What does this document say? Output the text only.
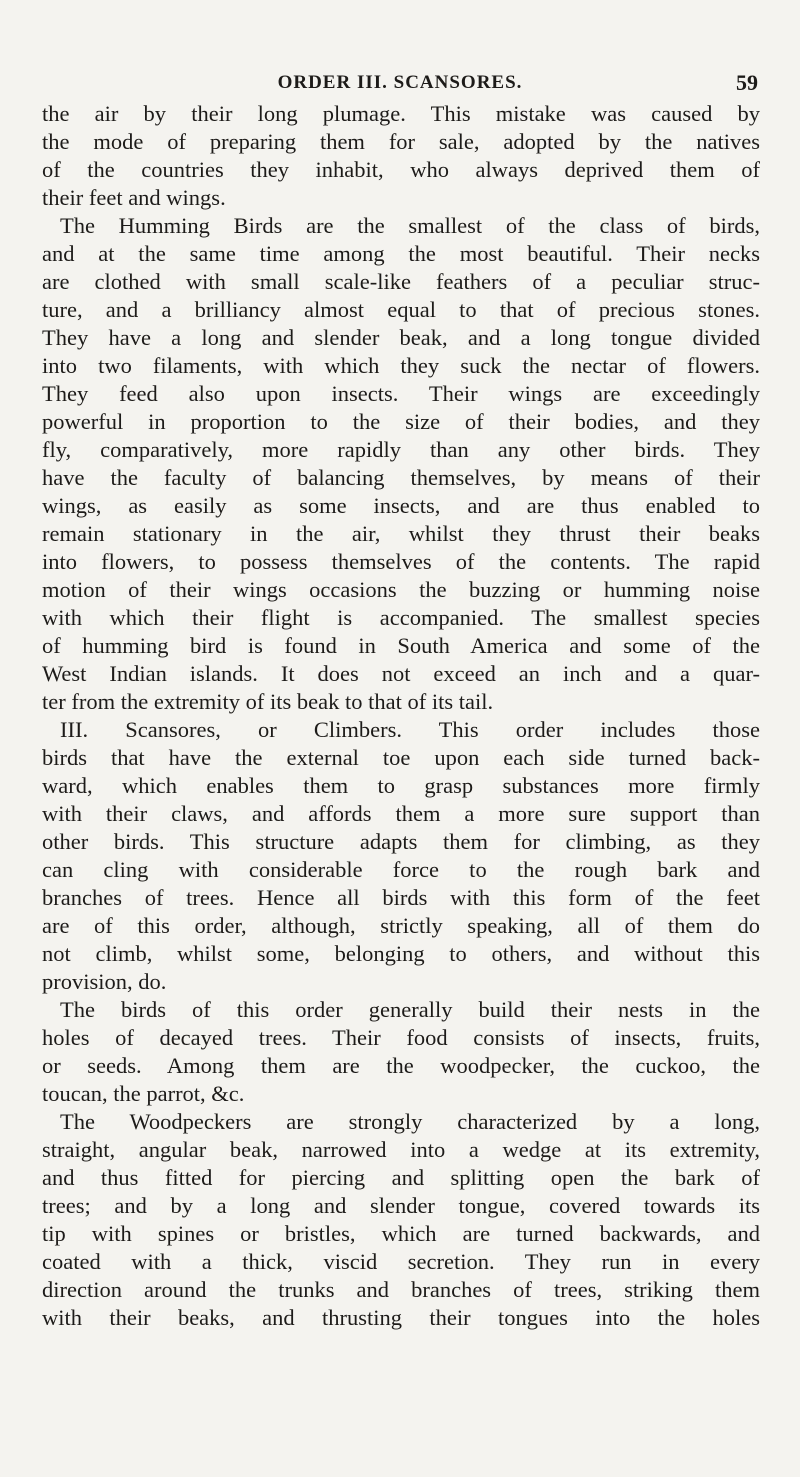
ORDER III. SCANSORES.	59
the air by their long plumage. This mistake was caused by
the mode of preparing them for sale, adopted by the natives
of the countries they inhabit, who always deprived them of
their feet and wings.
The Humming Birds are the smallest of the class of birds,
and at the same time among the most beautiful. Their necks
are clothed with small scale-like feathers of a peculiar struc-
ture, and a brilliancy almost equal to that of precious stones.
They have a long and slender beak, and a long tongue divided
into two filaments, with which they suck the nectar of flowers.
They feed also upon insects. Their wings are exceedingly
powerful in proportion to the size of their bodies, and they
fly, comparatively, more rapidly than any other birds. They
have the faculty of balancing themselves, by means of their
wings, as easily as some insects, and are thus enabled to
remain stationary in the air, whilst they thrust their beaks
into flowers, to possess themselves of the contents. The rapid
motion of their wings occasions the buzzing or humming noise
with which their flight is accompanied. The smallest species
of humming bird is found in South America and some of the
West Indian islands. It does not exceed an inch and a quar-
ter from the extremity of its beak to that of its tail.
III. Scansores, or Climbers. This order includes those
birds that have the external toe upon each side turned back-
ward, which enables them to grasp substances more firmly
with their claws, and affords them a more sure support than
other birds. This structure adapts them for climbing, as they
can cling with considerable force to the rough bark and
branches of trees. Hence all birds with this form of the feet
are of this order, although, strictly speaking, all of them do
not climb, whilst some, belonging to others, and without this
provision, do.
The birds of this order generally build their nests in the
holes of decayed trees. Their food consists of insects, fruits,
or seeds. Among them are the woodpecker, the cuckoo, the
toucan, the parrot, &c.
The Woodpeckers are strongly characterized by a long,
straight, angular beak, narrowed into a wedge at its extremity,
and thus fitted for piercing and splitting open the bark of
trees; and by a long and slender tongue, covered towards its
tip with spines or bristles, which are turned backwards, and
coated with a thick, viscid secretion. They run in every
direction around the trunks and branches of trees, striking them
with their beaks, and thrusting their tongues into the holes
